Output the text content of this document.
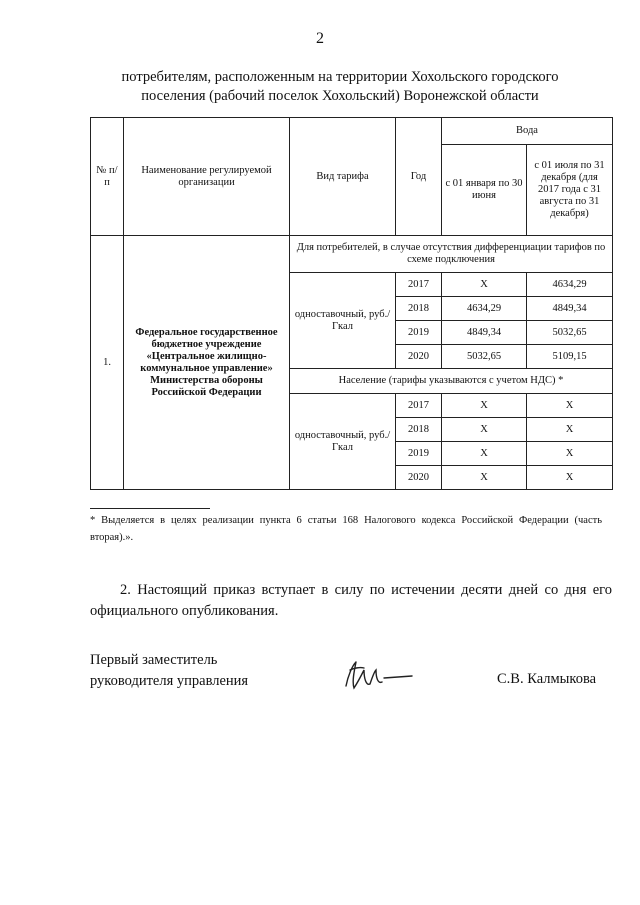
2
потребителям, расположенным на территории Хохольского городского
поселения (рабочий поселок Хохольский) Воронежской области
№ п/п	Наименование регулируемой организации	Вид тарифа	Год	Вода	
				с 01 января по 30 июня	с 01 июля по 31 декабря (для 2017 года с 31 августа по 31 декабря)
1.	Федеральное государственное бюджетное учреждение «Центральное жилищно-коммунальное управление» Министерства обороны Российской Федерации	Для потребителей, в случае отсутствия дифференциации тарифов по схеме подключения			
		одноставочный, руб./Гкал	2017	Х	4634,29
			2018	4634,29	4849,34
			2019	4849,34	5032,65
			2020	5032,65	5109,15
		Население (тарифы указываются с учетом НДС) *			
		одноставочный, руб./Гкал	2017	Х	Х
			2018	Х	Х
			2019	Х	Х
			2020	Х	Х
* Выделяется в целях реализации пункта 6 статьи 168 Налогового кодекса Российской Федерации (часть вторая).».
2. Настоящий приказ вступает в силу по истечении десяти дней со дня его официального опубликования.
Первый заместитель
руководителя управления	С.В. Калмыкова
